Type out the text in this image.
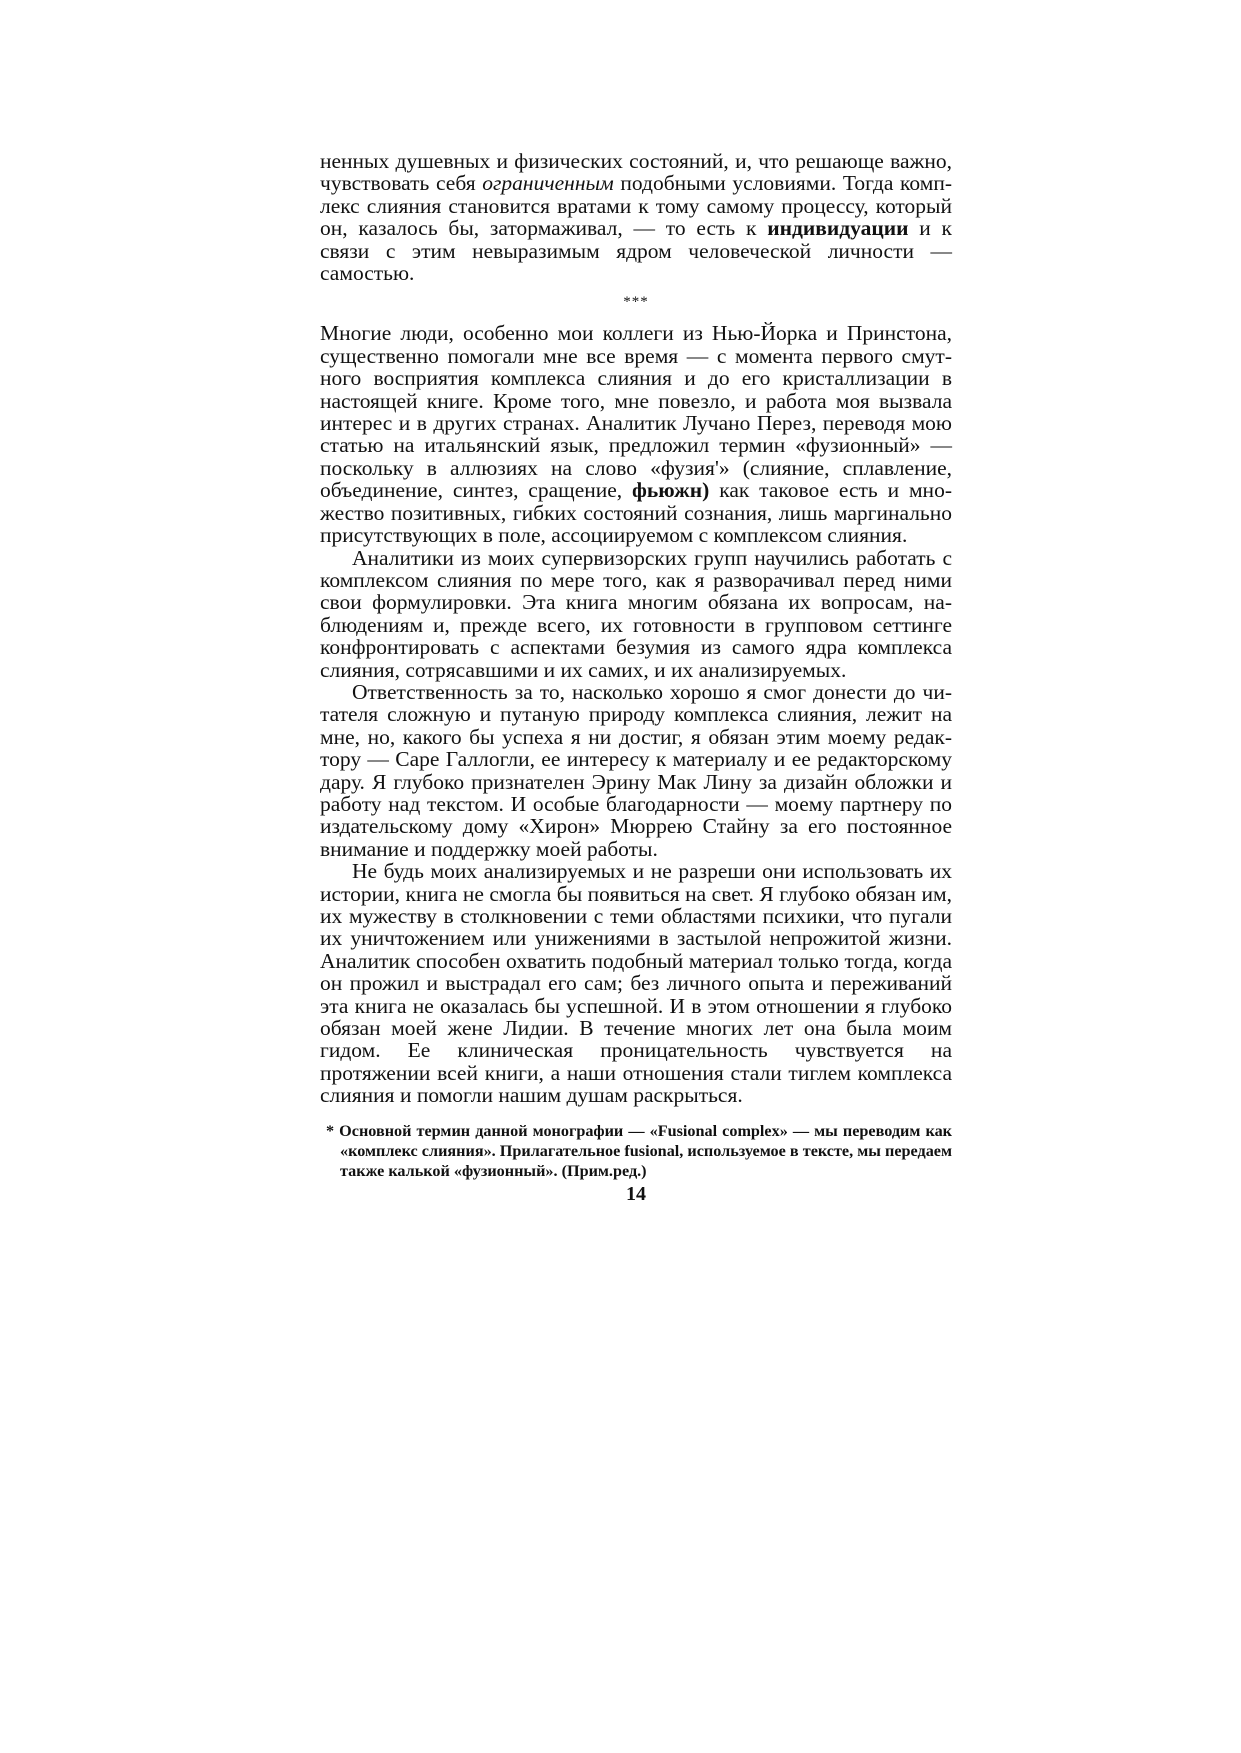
ненных душевных и физических состояний, и, что решающе важно, чувствовать себя ограниченным подобными условиями. Тогда комплекс слияния становится вратами к тому самому процессу, который он, казалось бы, затормаживал, — то есть к индивидуации и к связи с этим невыразимым ядром человеческой личности — самостью.

***

Многие люди, особенно мои коллеги из Нью-Йорка и Принстона, существенно помогали мне все время — с момента первого смутного восприятия комплекса слияния и до его кристаллизации в настоящей книге. Кроме того, мне повезло, и работа моя вызвала интерес и в других странах. Аналитик Лучано Перез, переводя мою статью на итальянский язык, предложил термин «фузионный» — поскольку в аллюзиях на слово «фузия'» (слияние, сплавление, объединение, синтез, сращение, фьюжн) как таковое есть и множество позитивных, гибких состояний сознания, лишь маргинально присутствующих в поле, ассоциируемом с комплексом слияния.

Аналитики из моих супервизорских групп научились работать с комплексом слияния по мере того, как я разворачивал перед ними свои формулировки. Эта книга многим обязана их вопросам, наблюдениям и, прежде всего, их готовности в групповом сеттинге конфронтировать с аспектами безумия из самого ядра комплекса слияния, сотрясавшими и их самих, и их анализируемых.

Ответственность за то, насколько хорошо я смог донести до читателя сложную и путаную природу комплекса слияния, лежит на мне, но, какого бы успеха я ни достиг, я обязан этим моему редактору — Саре Галлогли, ее интересу к материалу и ее редакторскому дару. Я глубоко признателен Эрину Мак Лину за дизайн обложки и работу над текстом. И особые благодарности — моему партнеру по издательскому дому «Хирон» Мюррею Стайну за его постоянное внимание и поддержку моей работы.

Не будь моих анализируемых и не разреши они использовать их истории, книга не смогла бы появиться на свет. Я глубоко обязан им, их мужеству в столкновении с теми областями психики, что пугали их уничтожением или унижениями в застылой непрожитой жизни. Аналитик способен охватить подобный материал только тогда, когда он прожил и выстрадал его сам; без личного опыта и переживаний эта книга не оказалась бы успешной. И в этом отношении я глубоко обязан моей жене Лидии. В течение многих лет она была моим гидом. Ее клиническая проницательность чувствуется на протяжении всей книги, а наши отношения стали тиглем комплекса слияния и помогли нашим душам раскрыться.

* Основной термин данной монографии — «Fusional complex» — мы переводим как «комплекс слияния». Прилагательное fusional, используемое в тексте, мы передаем также калькой «фузионный». (Прим.ред.)

14
